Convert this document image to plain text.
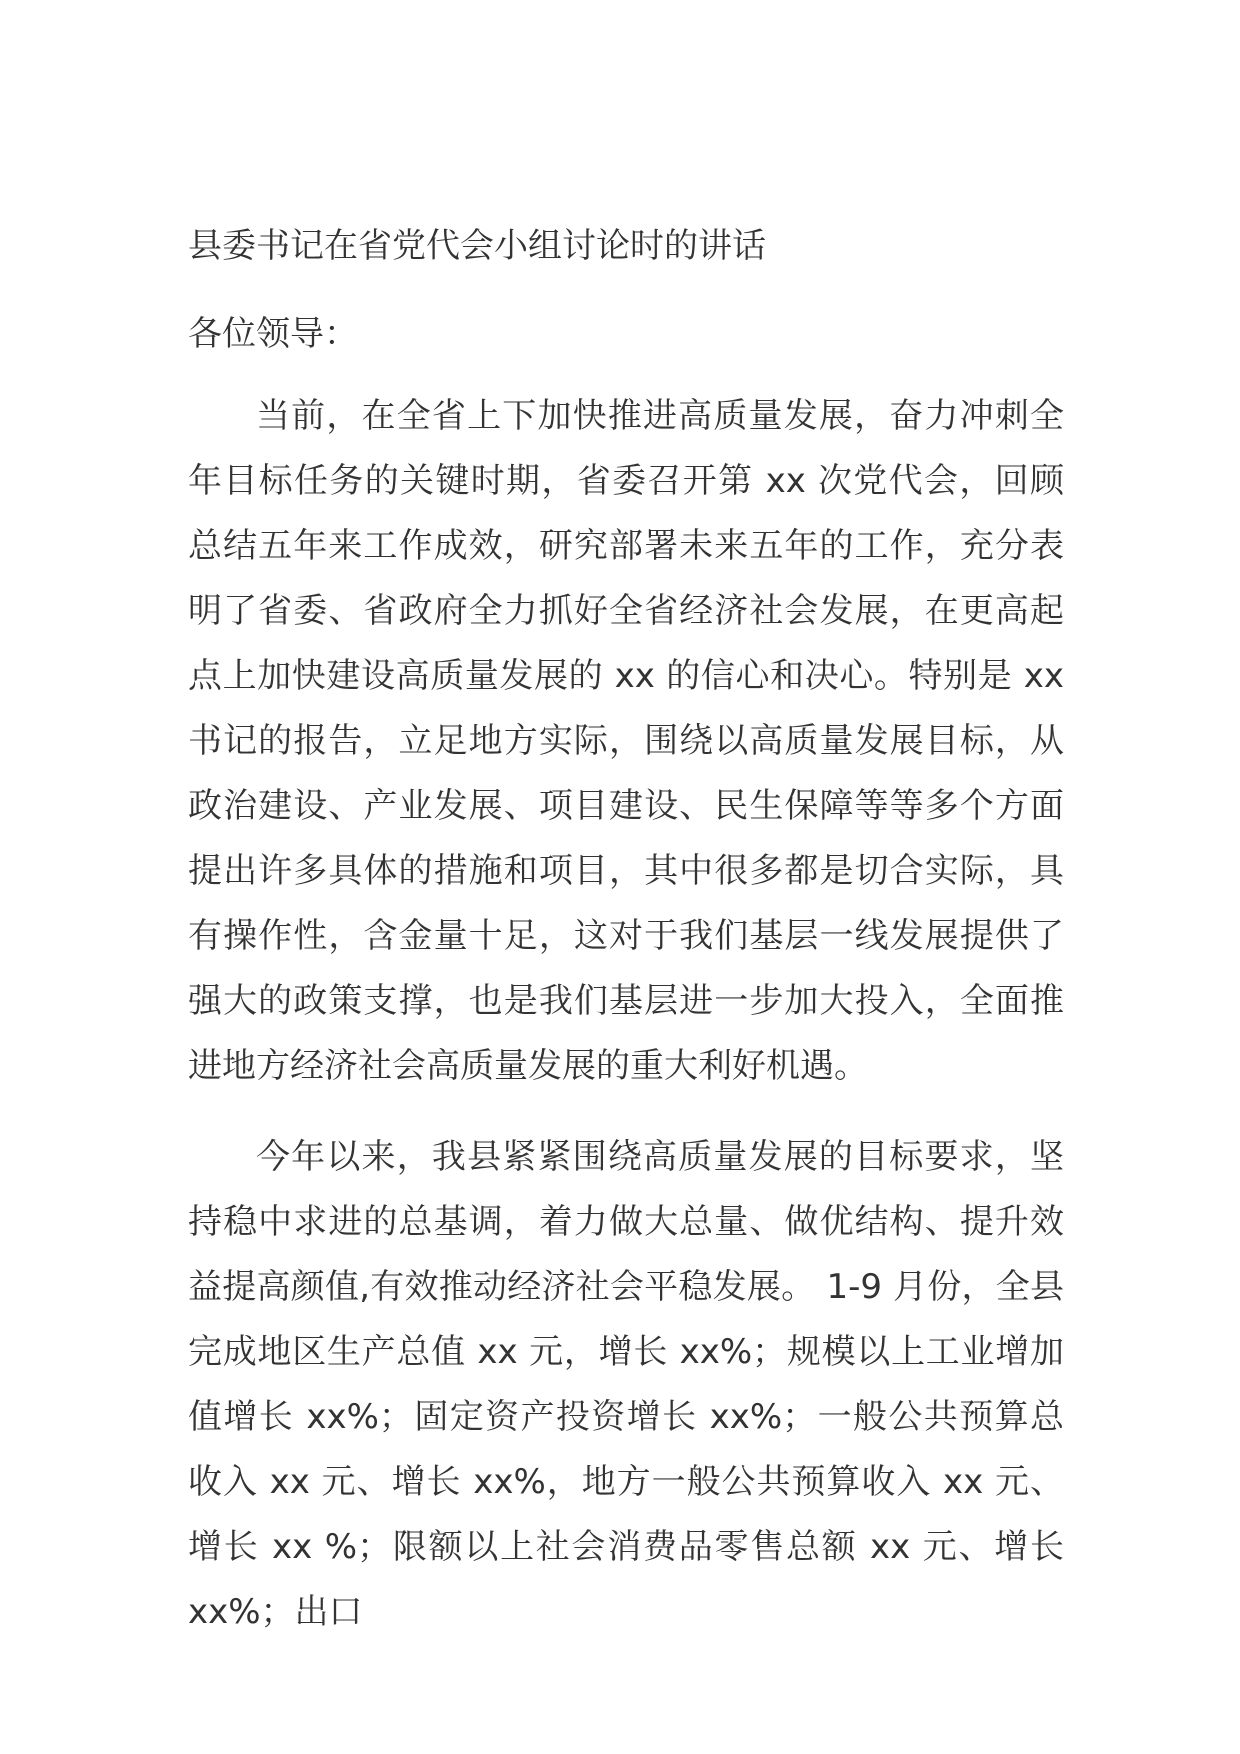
县委书记在省党代会小组讨论时的讲话

各位领导：

当前，在全省上下加快推进高质量发展，奋力冲刺全年目标任务的关键时期，省委召开第 xx 次党代会，回顾总结五年来工作成效，研究部署未来五年的工作，充分表明了省委、省政府全力抓好全省经济社会发展，在更高起点上加快建设高质量发展的 xx 的信心和决心。特别是 xx 书记的报告，立足地方实际，围绕以高质量发展目标，从政治建设、产业发展、项目建设、民生保障等等多个方面提出许多具体的措施和项目，其中很多都是切合实际，具有操作性，含金量十足，这对于我们基层一线发展提供了强大的政策支撑，也是我们基层进一步加大投入，全面推进地方经济社会高质量发展的重大利好机遇。

今年以来，我县紧紧围绕高质量发展的目标要求，坚持稳中求进的总基调，着力做大总量、做优结构、提升效益提高颜值,有效推动经济社会平稳发展。 1-9 月份，全县完成地区生产总值 xx 元，增长 xx%；规模以上工业增加值增长 xx%；固定资产投资增长 xx%；一般公共预算总收入 xx 元、增长 xx%，地方一般公共预算收入 xx 元、增长 xx %；限额以上社会消费品零售总额 xx 元、增长 xx%；出口
